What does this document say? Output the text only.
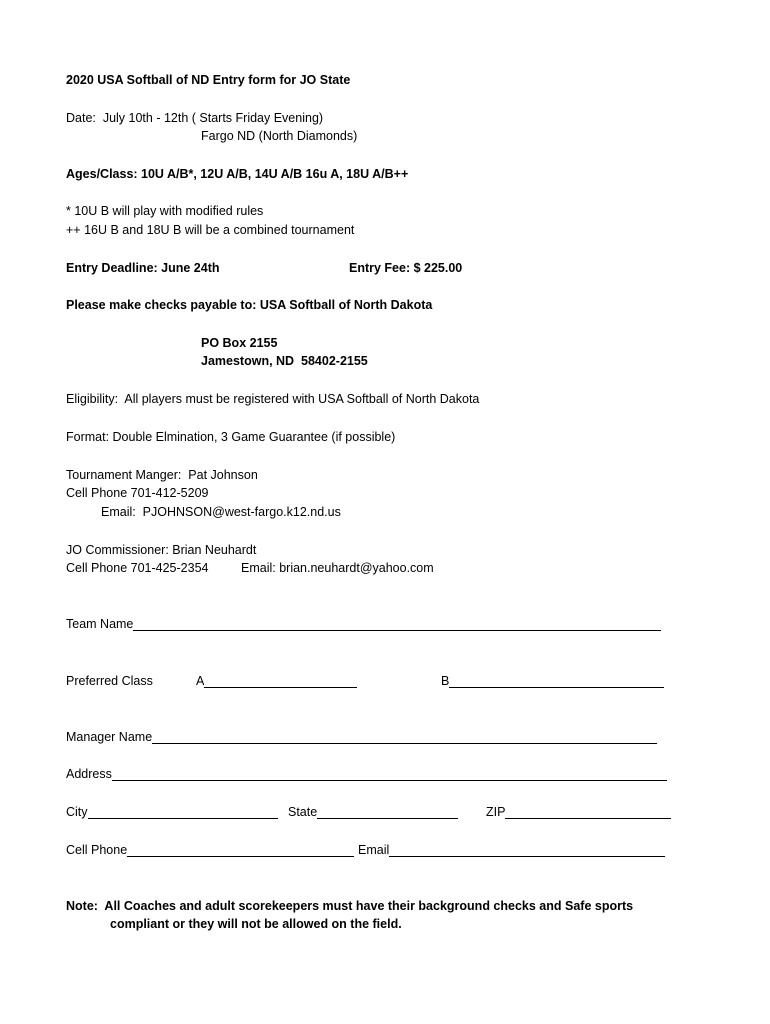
2020 USA Softball of ND Entry form for JO State
Date:  July 10th - 12th ( Starts Friday Evening)
Fargo ND (North Diamonds)
Ages/Class: 10U A/B*, 12U A/B, 14U A/B 16u A, 18U A/B++
* 10U B will play with modified rules
++ 16U B and 18U B will be a combined tournament
Entry Deadline: June 24th	Entry Fee: $ 225.00
Please make checks payable to: USA Softball of North Dakota
PO Box 2155
Jamestown, ND  58402-2155
Eligibility:  All players must be registered with USA Softball of North Dakota
Format: Double Elmination, 3 Game Guarantee (if possible)
Tournament Manger:  Pat Johnson
Cell Phone 701-412-5209
Email:  PJOHNSON@west-fargo.k12.nd.us
JO Commissioner: Brian Neuhardt
Cell Phone 701-425-2354	Email: brian.neuhardt@yahoo.com
Team Name
Preferred Class	A	B
Manager Name
Address
City	State	ZIP
Cell Phone	Email
Note:  All Coaches and adult scorekeepers must have their background checks and Safe sports
compliant or they will not be allowed on the field.
